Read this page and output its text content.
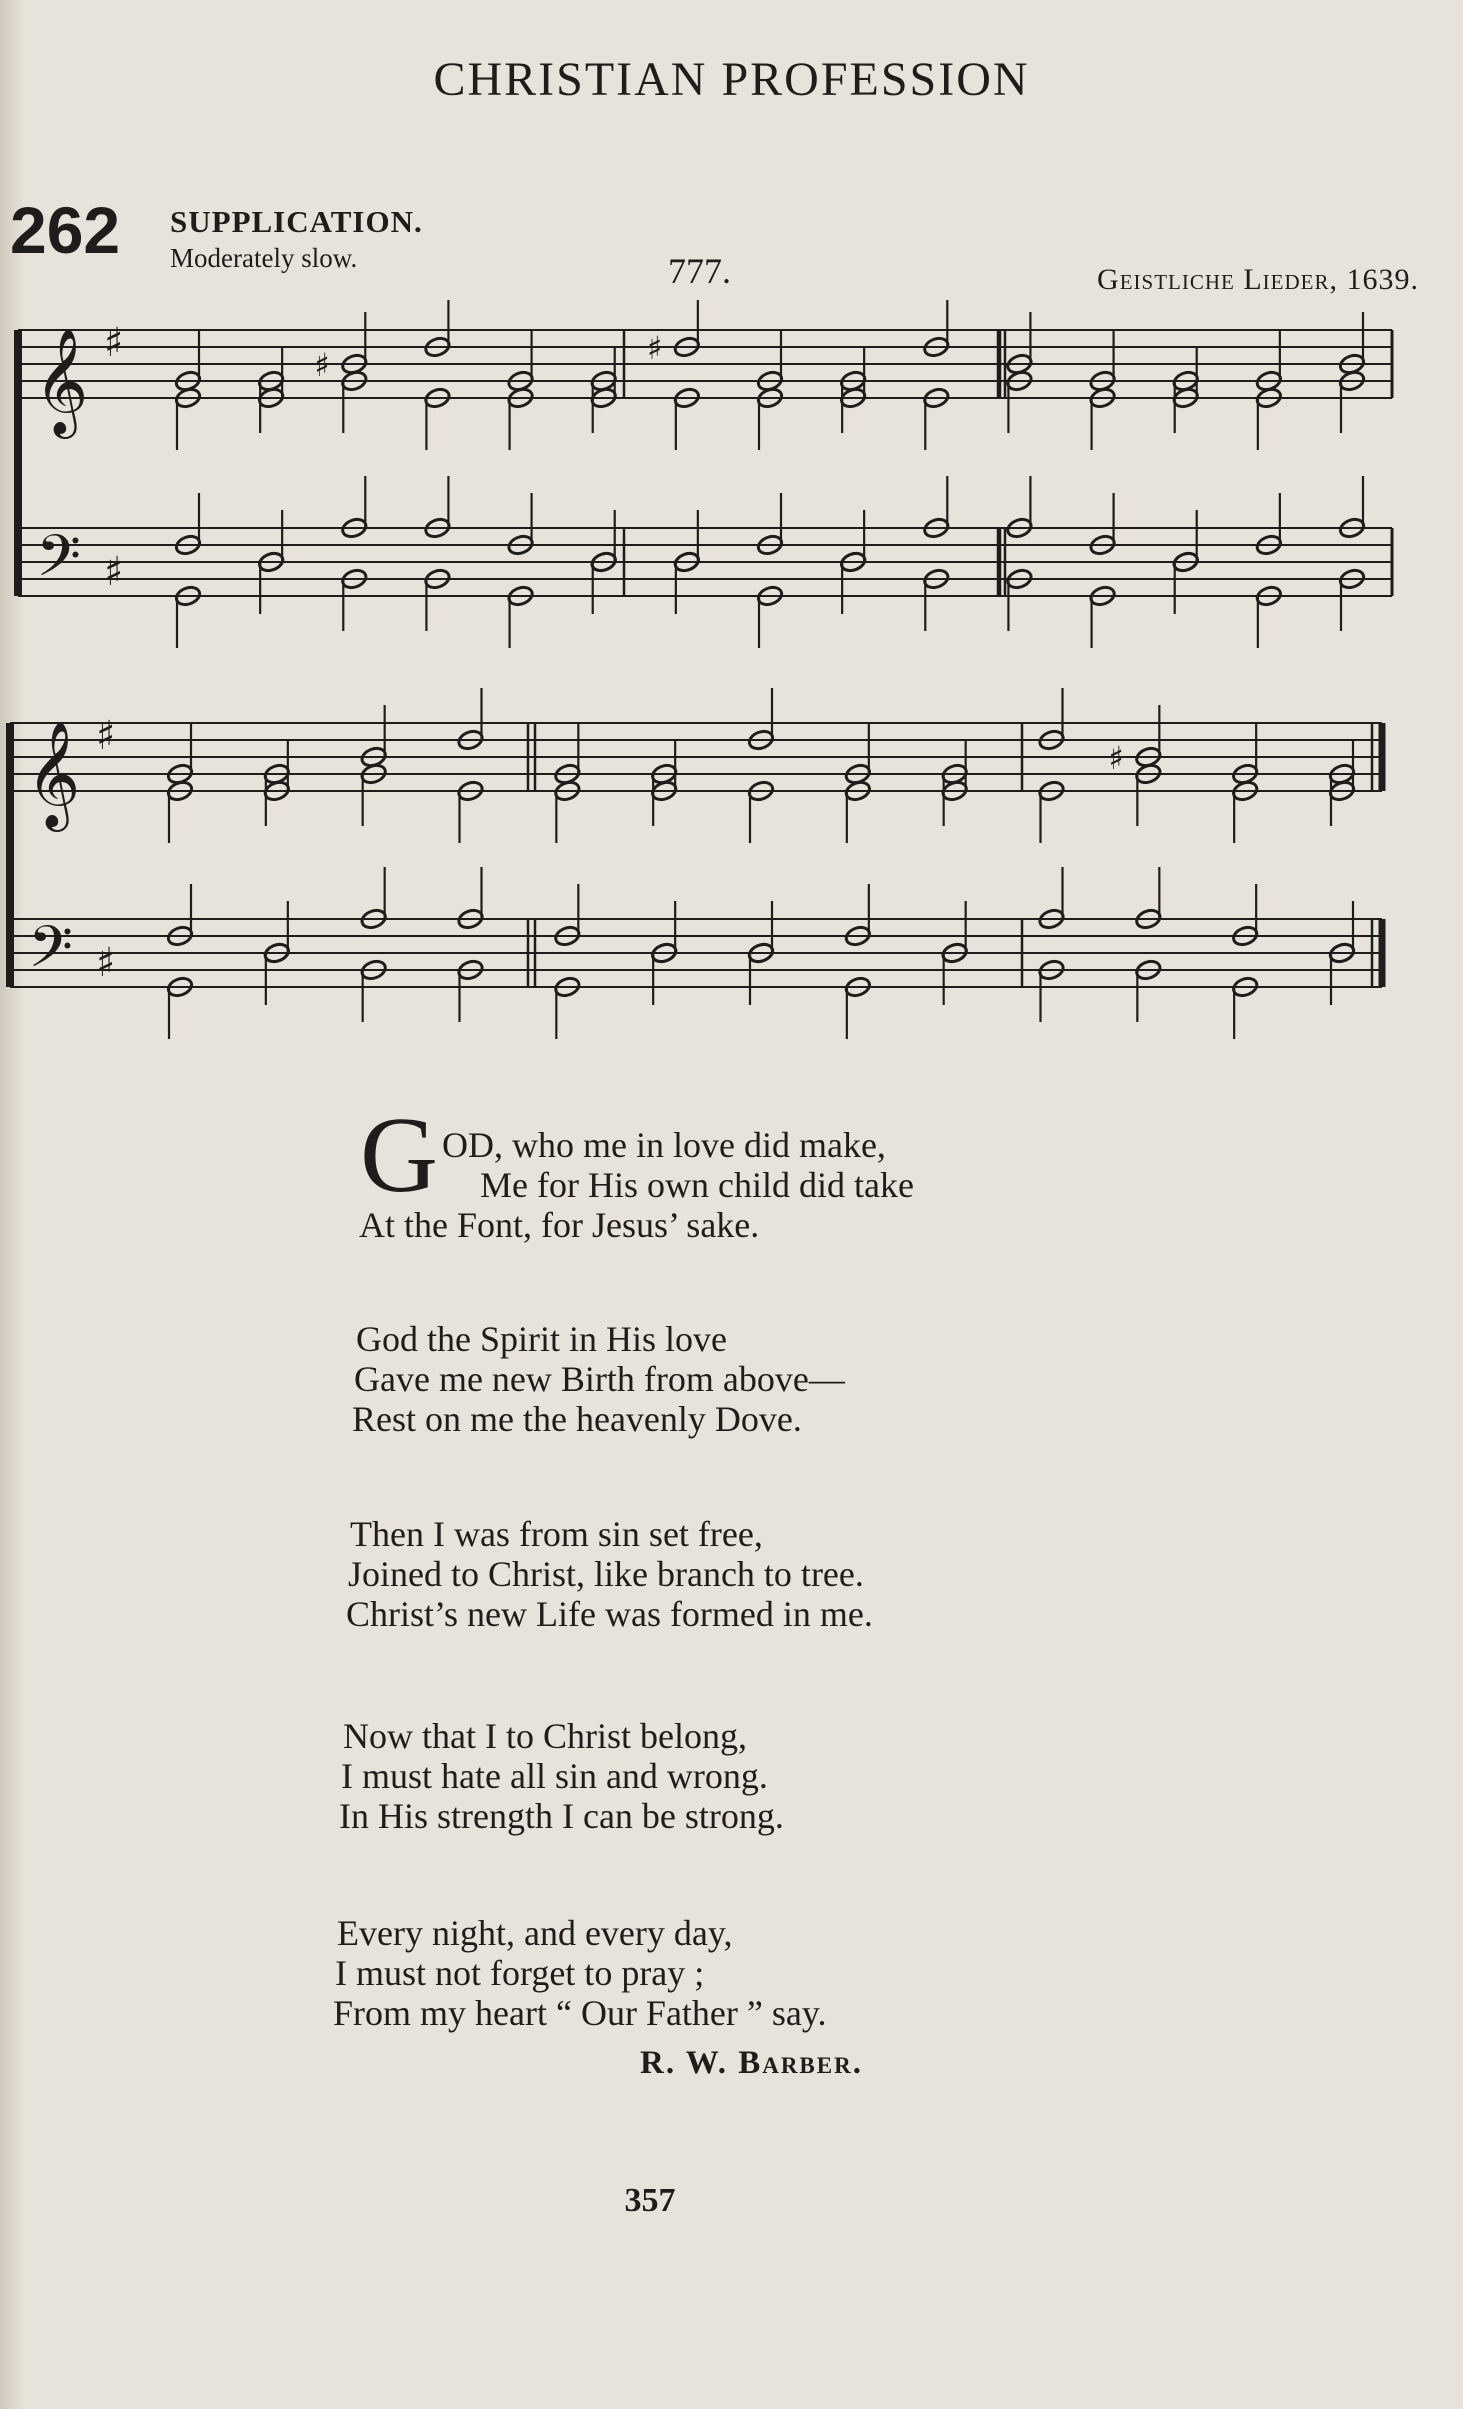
CHRISTIAN PROFESSION
262 SUPPLICATION.
Moderately slow.	777.	Geistliche Lieder, 1639.
𝄞 ♯
𝄢 ♯
♯	♯
𝄞 ♯
𝄢 ♯
♯
G OD, who me in love did make,
Me for His own child did take
At the Font, for Jesus’ sake.
God the Spirit in His love
Gave me new Birth from above—
Rest on me the heavenly Dove.
Then I was from sin set free,
Joined to Christ, like branch to tree.
Christ’s new Life was formed in me.
Now that I to Christ belong,
I must hate all sin and wrong.
In His strength I can be strong.
Every night, and every day,
I must not forget to pray ;
From my heart “ Our Father ” say.
R. W. Barber.
357
